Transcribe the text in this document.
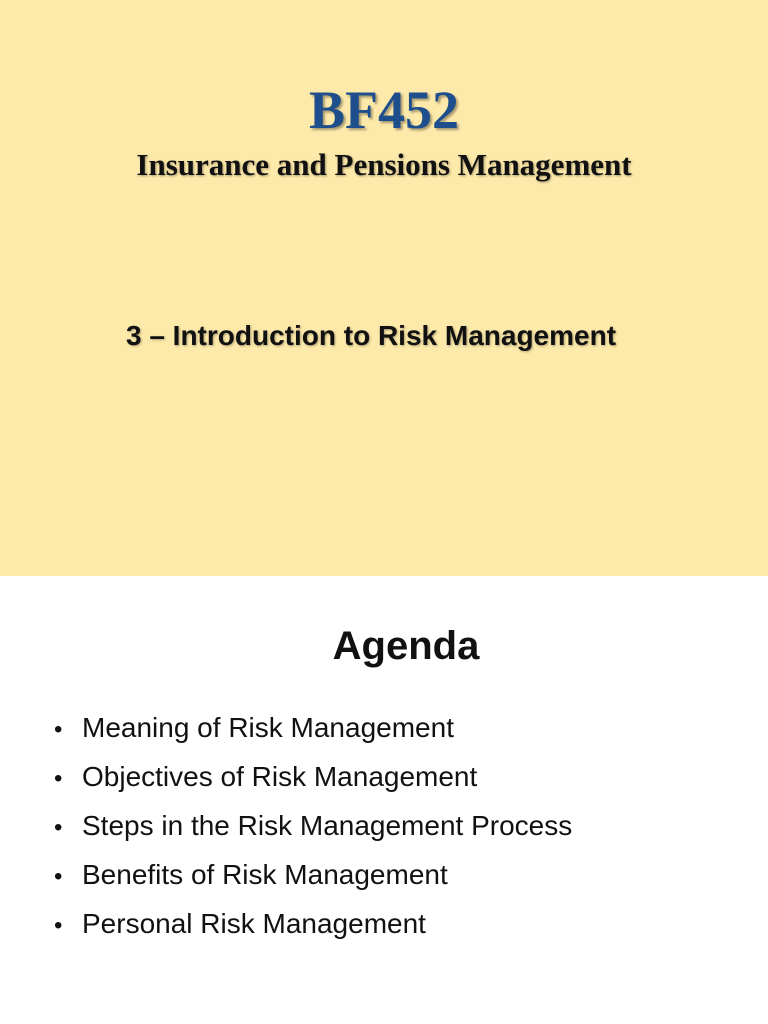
BF452
Insurance and Pensions Management
3 – Introduction to Risk Management
Agenda
• Meaning of Risk Management
• Objectives of Risk Management
• Steps in the Risk Management Process
• Benefits of Risk Management
• Personal Risk Management
